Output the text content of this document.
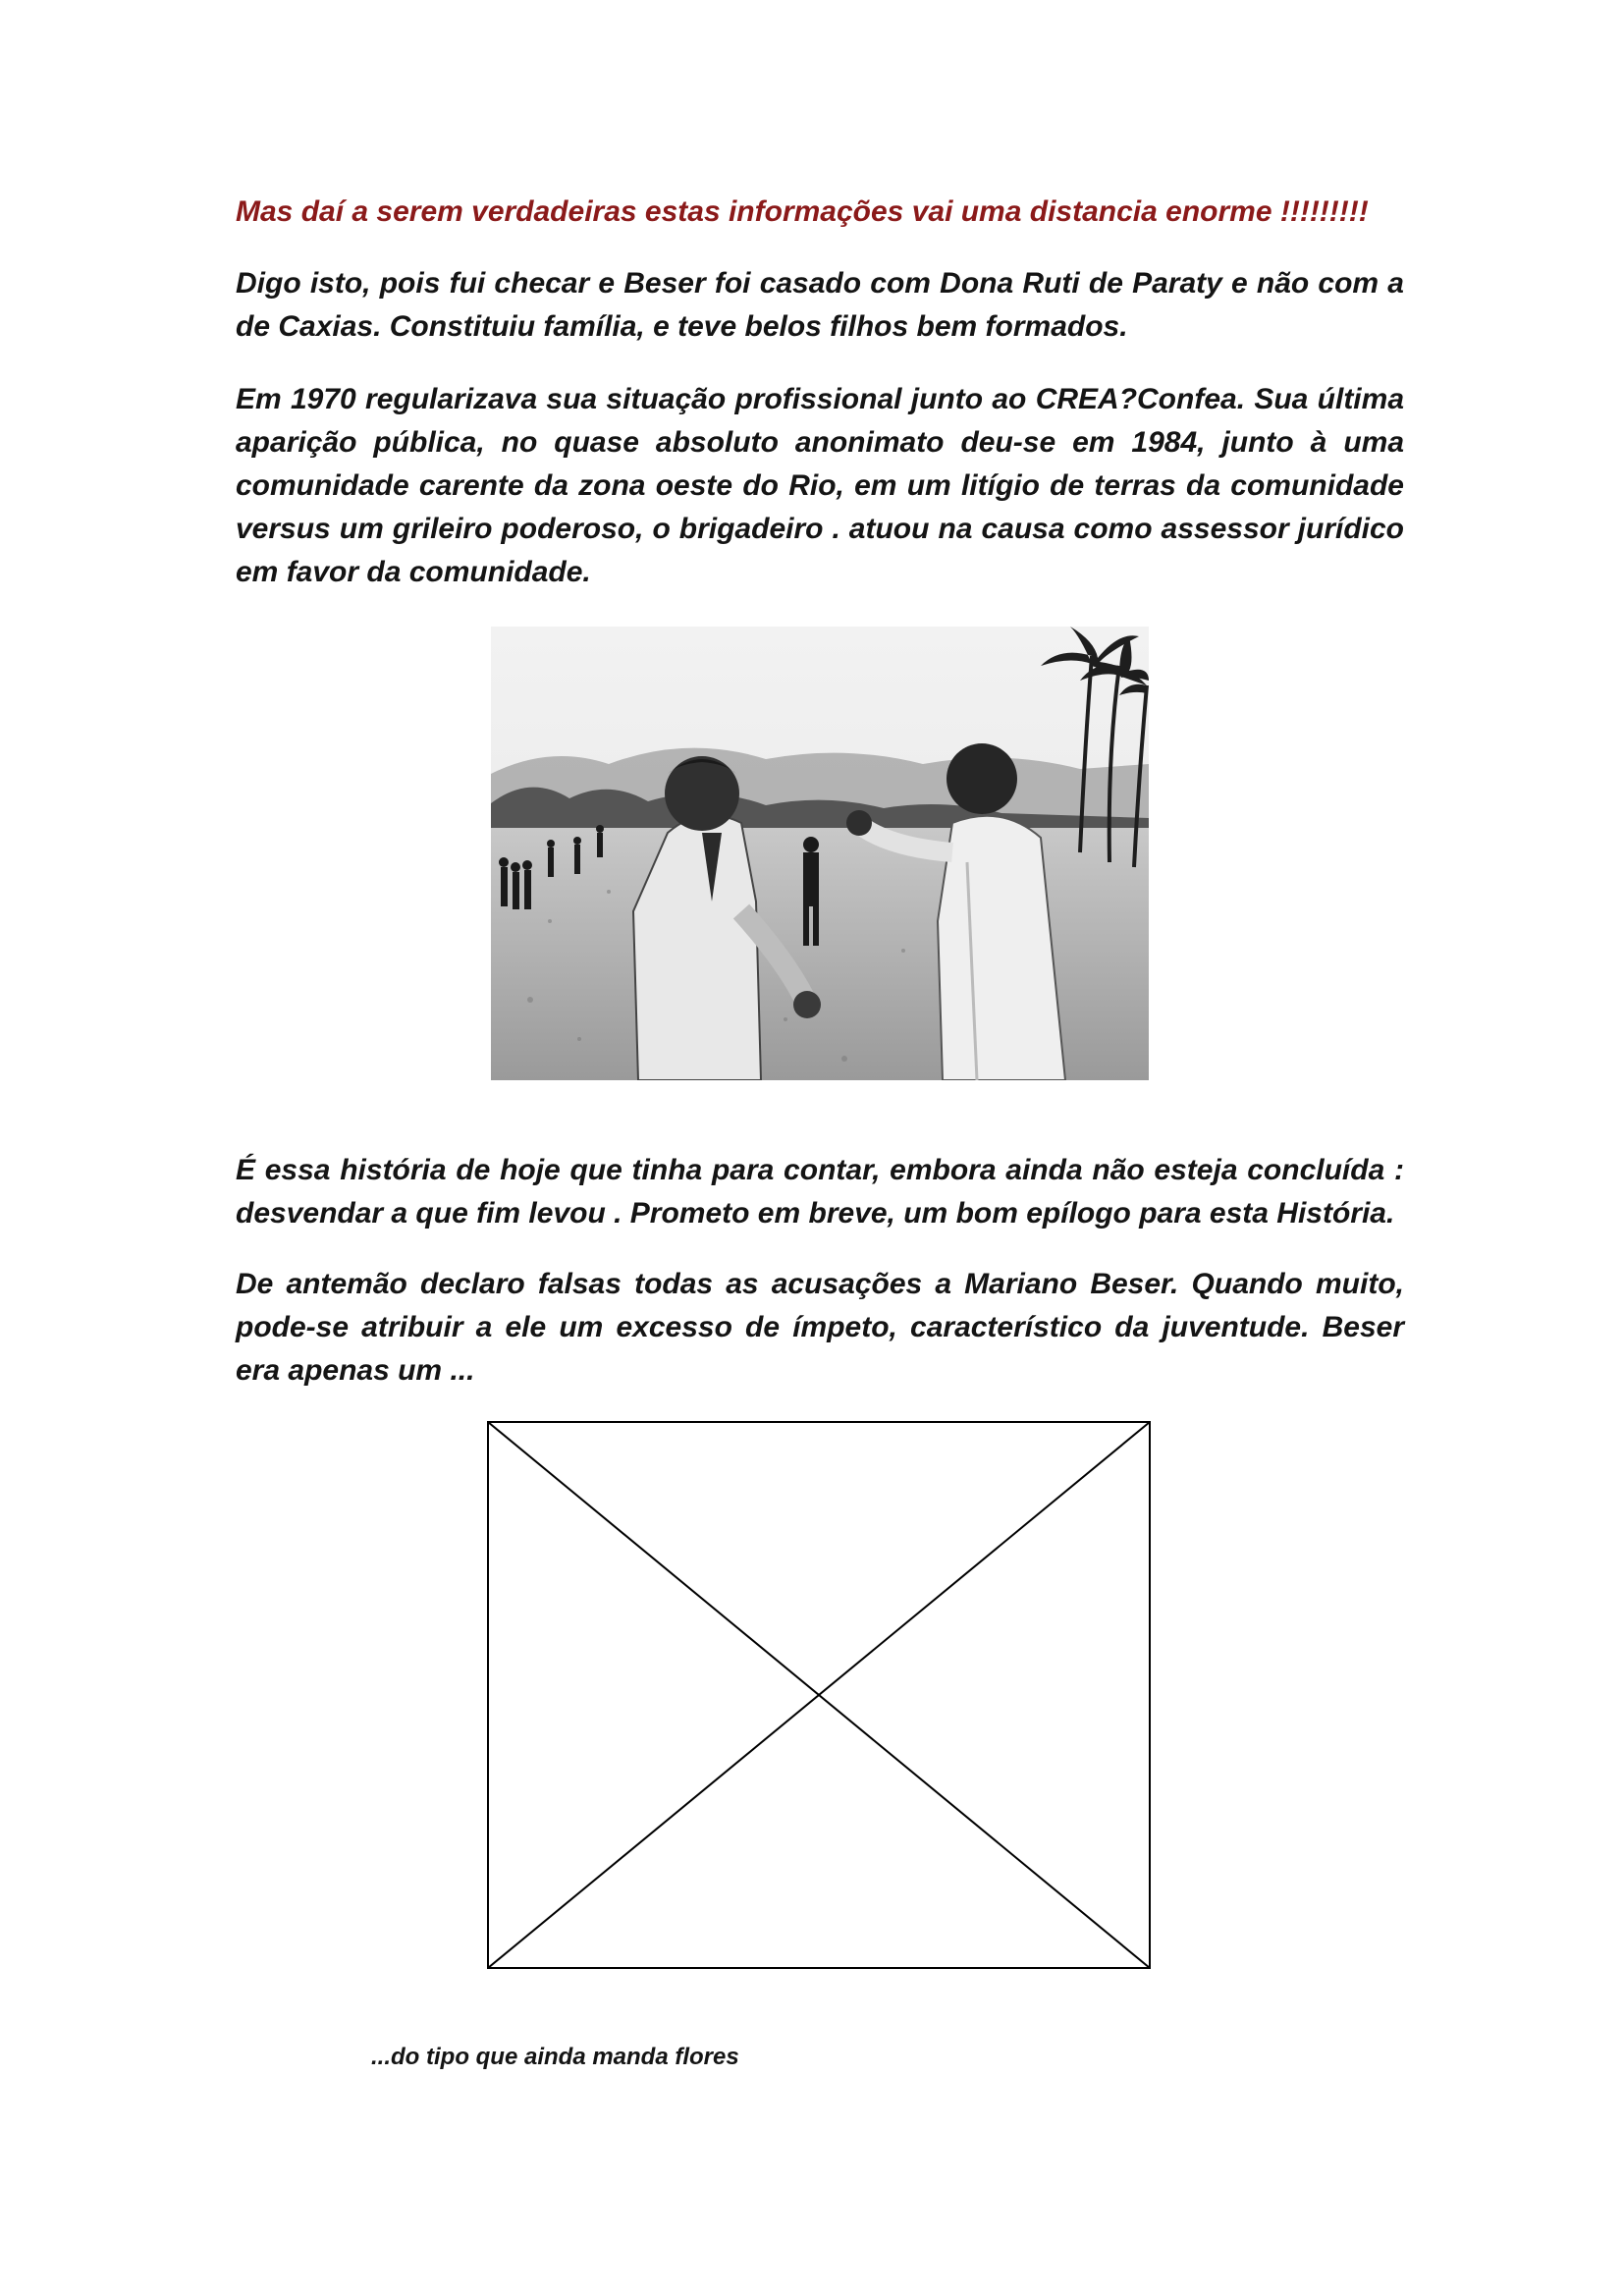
Mas daí a serem verdadeiras estas informações vai uma distancia enorme !!!!!!!!!

Digo isto, pois fui checar e Beser foi casado com Dona Ruti de Paraty e não com a de Caxias. Constituiu família, e teve belos filhos bem formados.

Em 1970 regularizava sua situação profissional junto ao CREA?Confea. Sua última aparição pública, no quase absoluto anonimato deu-se em 1984, junto à uma comunidade carente da zona oeste do Rio, em um litígio de terras da comunidade versus um grileiro poderoso, o brigadeiro . atuou na causa como assessor jurídico em favor da comunidade.

É essa história de hoje que tinha para contar, embora ainda não esteja concluída : desvendar a que fim levou . Prometo em breve, um bom epílogo para esta História.

De antemão declaro falsas todas as acusações a Mariano Beser. Quando muito, pode-se atribuir a ele um excesso de ímpeto, característico da juventude. Beser era apenas um ...

...do tipo que ainda manda flores
